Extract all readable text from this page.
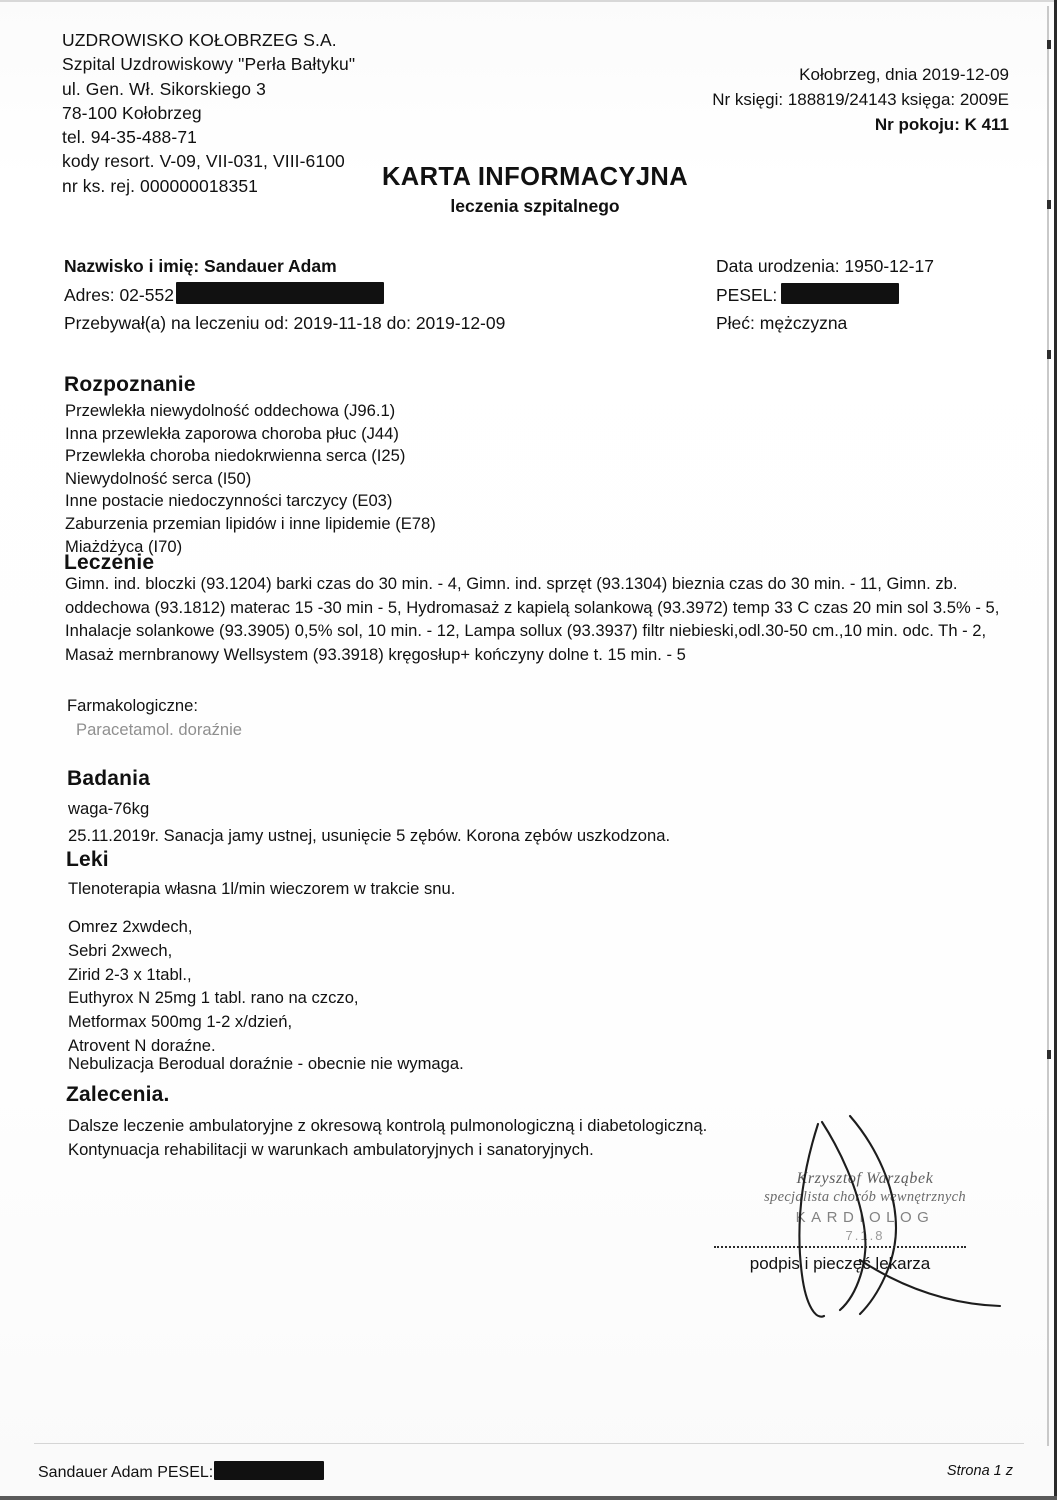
UZDROWISKO KOŁOBRZEG S.A.
Szpital Uzdrowiskowy "Perła Bałtyku"
ul. Gen. Wł. Sikorskiego 3
78-100 Kołobrzeg
tel. 94-35-488-71
kody resort. V-09, VII-031, VIII-6100
nr ks. rej. 000000018351
Kołobrzeg, dnia 2019-12-09
Nr księgi: 188819/24143 księga: 2009E
Nr pokoju: K 411
KARTA INFORMACYJNA
leczenia szpitalnego
Nazwisko i imię: Sandauer Adam
Adres: 02-552
Przebywał(a) na leczeniu od: 2019-11-18 do: 2019-12-09
Data urodzenia: 1950-12-17
PESEL:
Płeć: mężczyzna
Rozpoznanie
Przewlekła niewydolność oddechowa (J96.1)
Inna przewlekła zaporowa choroba płuc (J44)
Przewlekła choroba niedokrwienna serca (I25)
Niewydolność serca (I50)
Inne postacie niedoczynności tarczycy (E03)
Zaburzenia przemian lipidów i inne lipidemie (E78)
Miażdżyca (I70)
Leczenie
Gimn. ind. bloczki (93.1204) barki czas do 30 min. - 4, Gimn. ind. sprzęt (93.1304) bieznia czas do 30 min. - 11, Gimn. zb.
oddechowa (93.1812) materac 15 -30 min - 5, Hydromasaż z kapielą solankową (93.3972) temp 33 C czas 20 min sol 3.5% - 5,
Inhalacje solankowe (93.3905) 0,5% sol, 10 min. - 12, Lampa sollux (93.3937) filtr niebieski,odl.30-50 cm.,10 min. odc. Th - 2,
Masaż mernbranowy Wellsystem (93.3918) kręgosłup+ kończyny dolne t. 15 min. - 5
Farmakologiczne:
Paracetamol. doraźnie
Badania
waga-76kg
25.11.2019r. Sanacja jamy ustnej, usunięcie 5 zębów. Korona zębów uszkodzona.
Leki
Tlenoterapia własna 1l/min wieczorem w trakcie snu.
Omrez 2xwdech,
Sebri 2xwech,
Zirid 2-3 x 1tabl.,
Euthyrox N 25mg 1 tabl. rano na czczo,
Metformax 500mg 1-2 x/dzień,
Atrovent N doraźne.
Nebulizacja Berodual doraźnie - obecnie nie wymaga.
Zalecenia.
Dalsze leczenie ambulatoryjne z okresową kontrolą pulmonologiczną i diabetologiczną.
Kontynuacja rehabilitacji w warunkach ambulatoryjnych i sanatoryjnych.
Krzysztof Warząbek
specjalista chorób wewnętrznych
KARDIOLOG
7.1.8
podpis i pieczęć lekarza
Sandauer Adam PESEL:	Strona 1 z
